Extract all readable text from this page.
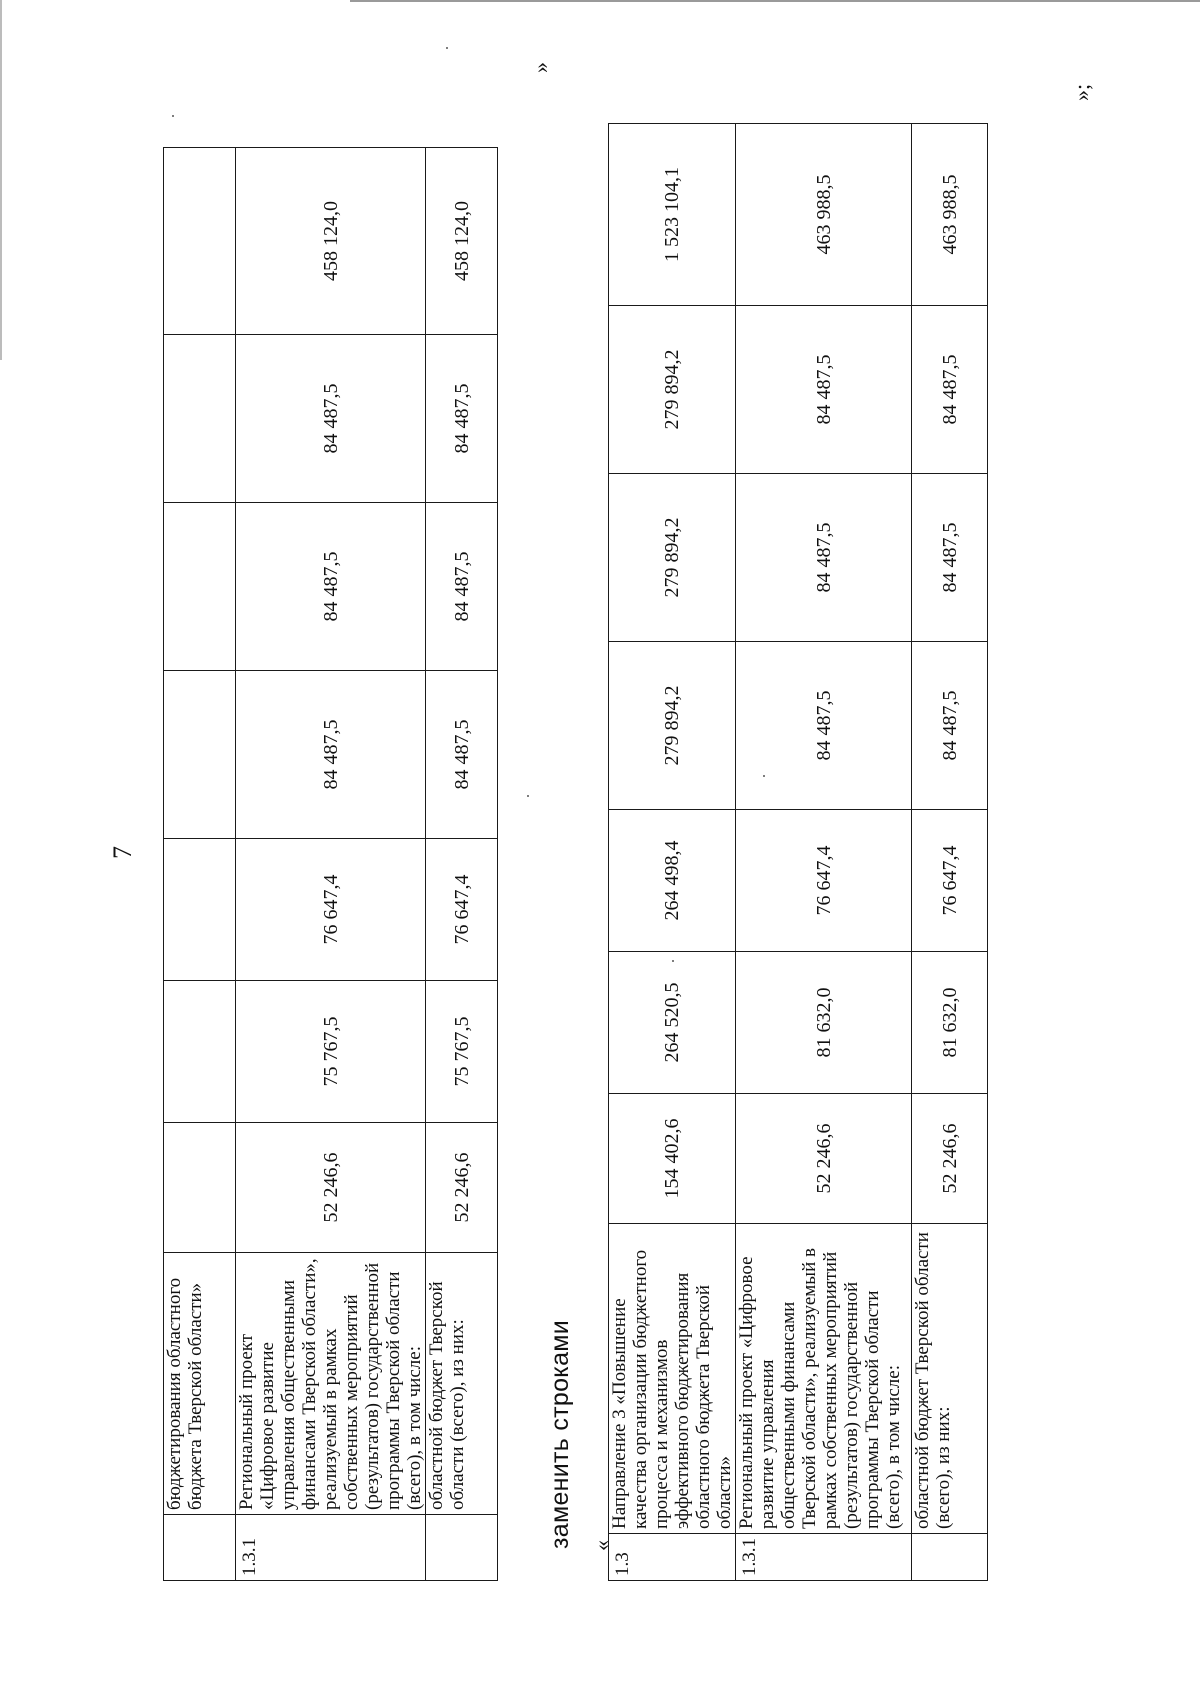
7
	бюджетирования областного бюджета Тверской области»							
1.3.1	Региональный проект «Цифровое развитие управления общественными финансами Тверской области», реализуемый в рамках собственных мероприятий (результатов) государственной программы Тверской области (всего), в том числе:	52 246,6	75 767,5	76 647,4	84 487,5	84 487,5	84 487,5	458 124,0
	областной бюджет Тверской области (всего), из них:	52 246,6	75 767,5	76 647,4	84 487,5	84 487,5	84 487,5	458 124,0
»
заменить строками «
1.3	Направление 3 «Повышение качества организации бюджетного процесса и механизмов эффективного бюджетирования областного бюджета Тверской области»	154 402,6	264 520,5	264 498,4	279 894,2	279 894,2	279 894,2	1 523 104,1
1.3.1	Региональный проект «Цифровое развитие управления общественными финансами Тверской области», реализуемый в рамках собственных мероприятий (результатов) государственной программы Тверской области (всего), в том числе:	52 246,6	81 632,0	76 647,4	84 487,5	84 487,5	84 487,5	463 988,5
	областной бюджет Тверской области (всего), из них:	52 246,6	81 632,0	76 647,4	84 487,5	84 487,5	84 487,5	463 988,5
»;
